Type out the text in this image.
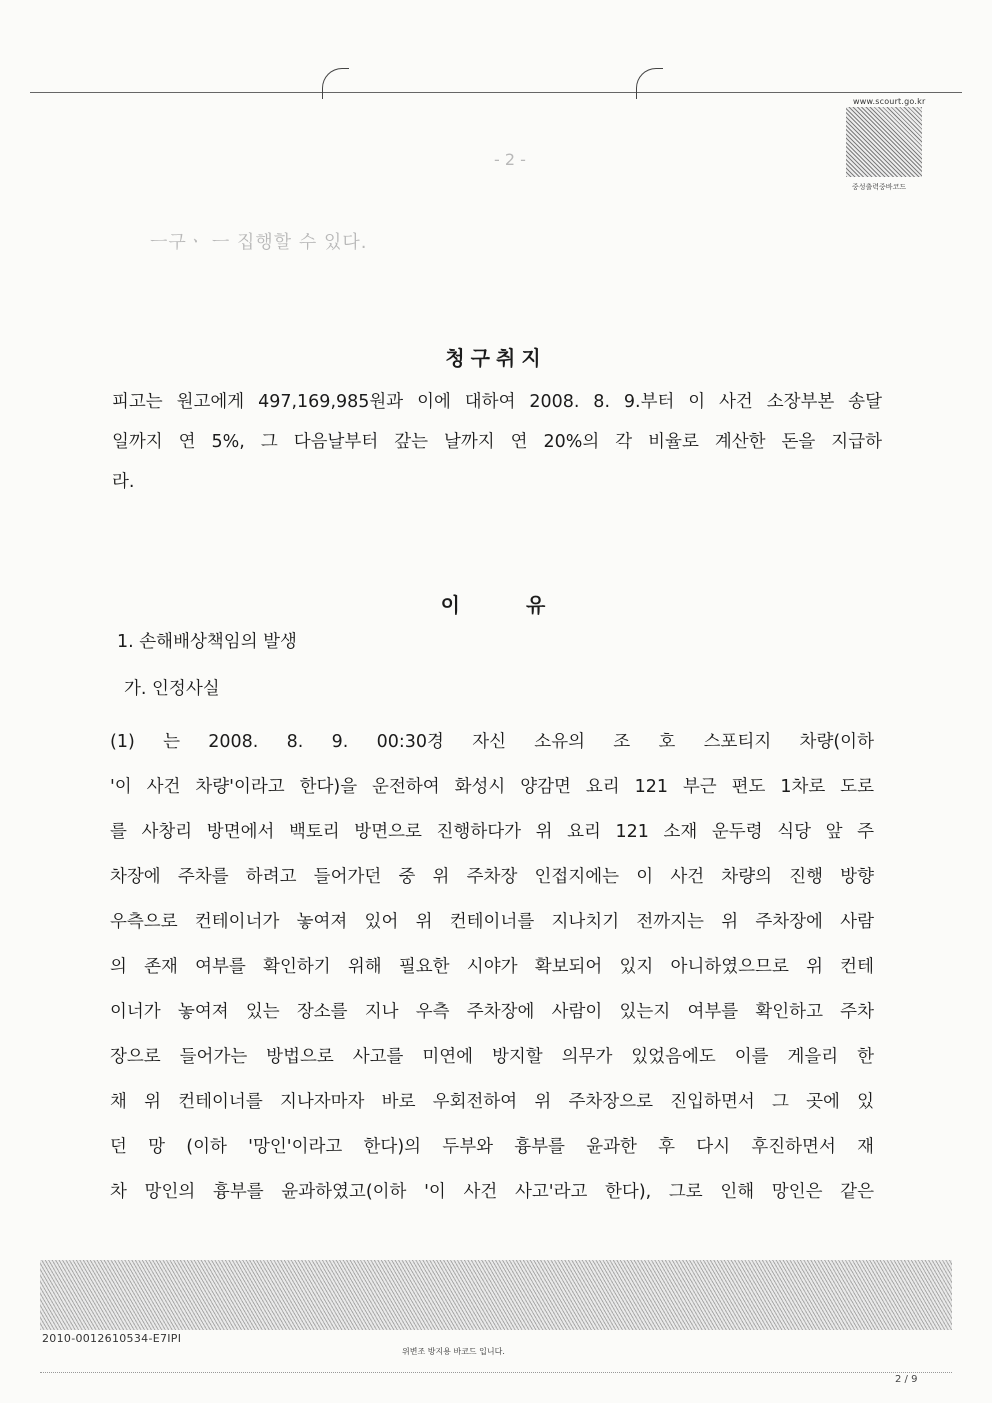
www.scourt.go.kr
중성출력중바코드
- 2 -
ㅡ구ㆍ ㅡ 집행할 수 있다.
청구취지
피고는 원고에게 497,169,985원과 이에 대하여 2008. 8. 9.부터 이 사건 소장부본 송달
일까지 연 5%, 그 다음날부터 갚는 날까지 연 20%의 각 비율로 계산한 돈을 지급하
라.
이	유
1. 손해배상책임의 발생
가. 인정사실
(1) 는 2008. 8. 9. 00:30경 자신 소유의 조 호 스포티지 차량(이하
'이 사건 차량'이라고 한다)을 운전하여 화성시 양감면 요리 121 부근 편도 1차로 도로
를 사창리 방면에서 백토리 방면으로 진행하다가 위 요리 121 소재 운두령 식당 앞 주
차장에 주차를 하려고 들어가던 중 위 주차장 인접지에는 이 사건 차량의 진행 방향
우측으로 컨테이너가 놓여져 있어 위 컨테이너를 지나치기 전까지는 위 주차장에 사람
의 존재 여부를 확인하기 위해 필요한 시야가 확보되어 있지 아니하였으므로 위 컨테
이너가 놓여져 있는 장소를 지나 우측 주차장에 사람이 있는지 여부를 확인하고 주차
장으로 들어가는 방법으로 사고를 미연에 방지할 의무가 있었음에도 이를 게을리 한
채 위 컨테이너를 지나자마자 바로 우회전하여 위 주차장으로 진입하면서 그 곳에 있
던 망 (이하 '망인'이라고 한다)의 두부와 흉부를 윤과한 후 다시 후진하면서 재
차 망인의 흉부를 윤과하였고(이하 '이 사건 사고'라고 한다), 그로 인해 망인은 같은
2010-0012610534-E7IPI
위변조 방지용 바코드 입니다.
2 / 9
